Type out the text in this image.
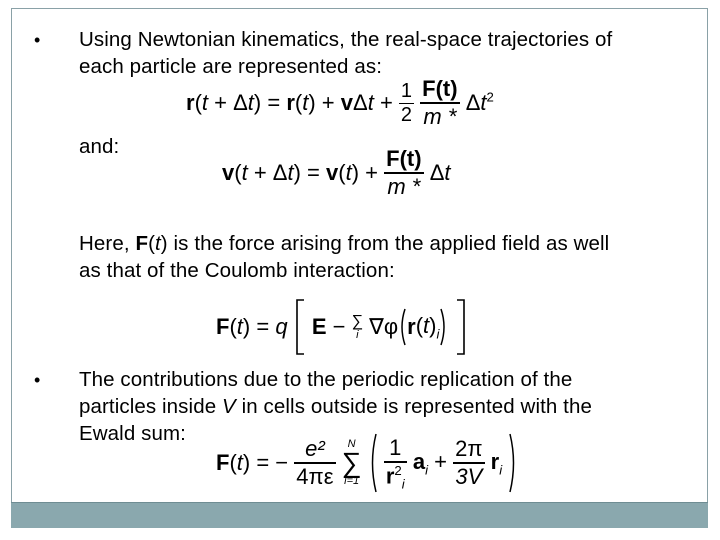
• Using Newtonian kinematics, the real-space trajectories of
each particle are represented as:
$r(t + \Delta t) = r(t) + v\Delta t + \frac{1}{2}$
$\frac{F(t)}{m *} \Delta t^2$
and:
$v(t + \Delta t) = v(t) + \frac{F(t)}{m *}$ Δt
Here, F(t) is the force arising from the applied field as well
as that of the Coulomb interaction:
F(t) = q E − ∑
i ∇φ $r(t)_i$
• The contributions due to the periodic replication of the
particles inside V in cells outside is represented with the
Ewald sum:
F(t) = − $\frac{\text{e²}}{4\pi\varepsilon}$
	N
∑
i=1
$\frac{1}{r^2_i} a_i + \frac{2\pi}{3V} r_i$
